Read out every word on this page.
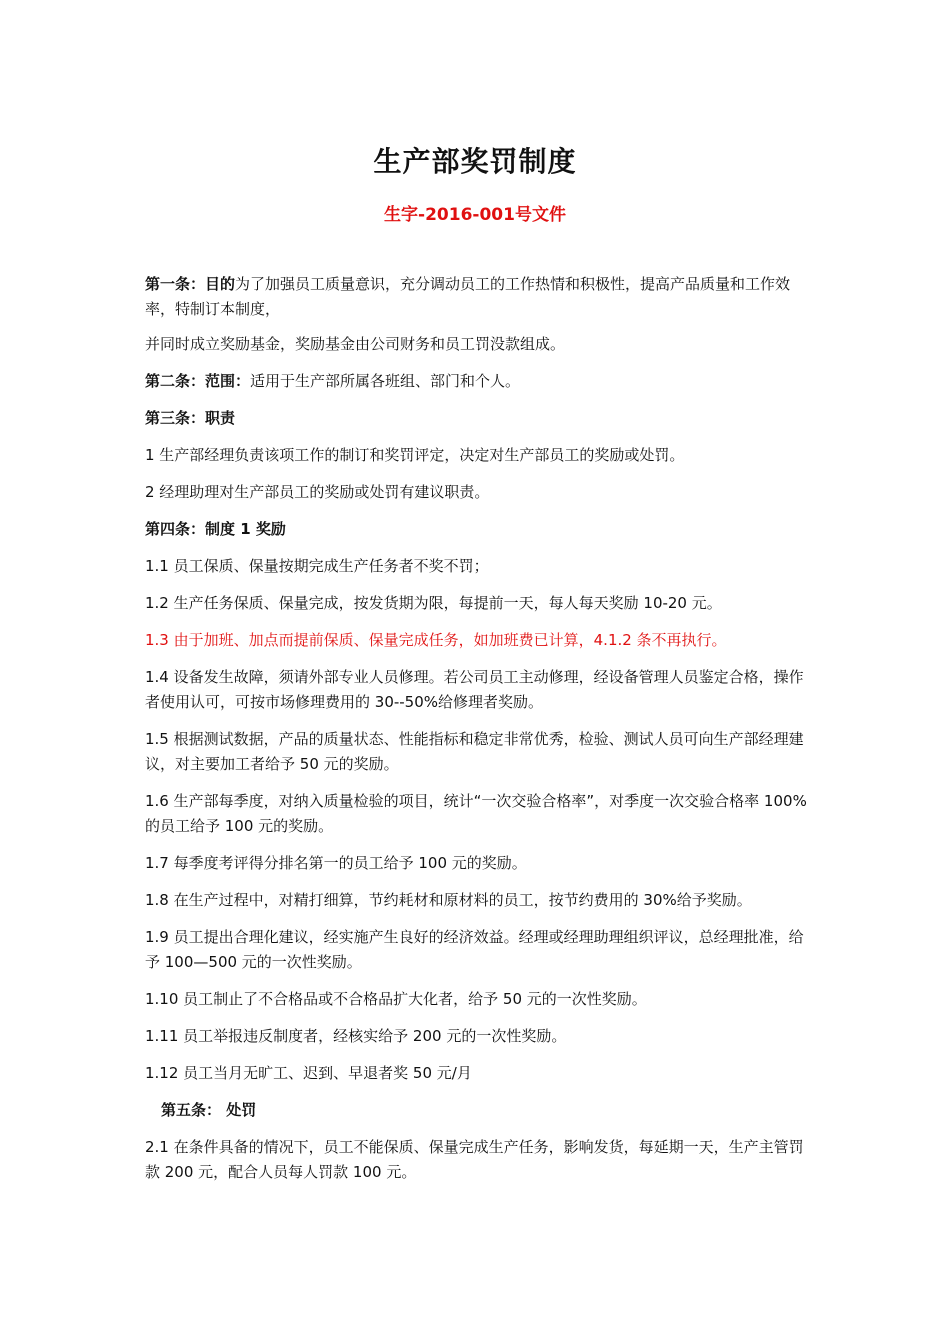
生产部奖罚制度
生字-2016-001号文件
第一条：目的为了加强员工质量意识，充分调动员工的工作热情和积极性，提高产品质量和工作效率，特制订本制度，
并同时成立奖励基金，奖励基金由公司财务和员工罚没款组成。
第二条：范围：适用于生产部所属各班组、部门和个人。
第三条：职责
1 生产部经理负责该项工作的制订和奖罚评定，决定对生产部员工的奖励或处罚。
2 经理助理对生产部员工的奖励或处罚有建议职责。
第四条：制度 1 奖励
1.1 员工保质、保量按期完成生产任务者不奖不罚；
1.2 生产任务保质、保量完成，按发货期为限，每提前一天，每人每天奖励 10-20 元。
1.3 由于加班、加点而提前保质、保量完成任务，如加班费已计算，4.1.2 条不再执行。
1.4 设备发生故障，须请外部专业人员修理。若公司员工主动修理，经设备管理人员鉴定合格，操作者使用认可，可按市场修理费用的 30--50%给修理者奖励。
1.5 根据测试数据，产品的质量状态、性能指标和稳定非常优秀，检验、测试人员可向生产部经理建议，对主要加工者给予 50 元的奖励。
1.6 生产部每季度，对纳入质量检验的项目，统计“一次交验合格率”，对季度一次交验合格率 100%的员工给予 100 元的奖励。
1.7 每季度考评得分排名第一的员工给予 100 元的奖励。
1.8 在生产过程中，对精打细算，节约耗材和原材料的员工，按节约费用的 30%给予奖励。
1.9 员工提出合理化建议，经实施产生良好的经济效益。经理或经理助理组织评议，总经理批准，给予 100—500 元的一次性奖励。
1.10 员工制止了不合格品或不合格品扩大化者，给予 50 元的一次性奖励。
1.11 员工举报违反制度者，经核实给予 200 元的一次性奖励。
1.12 员工当月无旷工、迟到、早退者奖 50 元/月
第五条： 处罚
2.1 在条件具备的情况下，员工不能保质、保量完成生产任务，影响发货，每延期一天，生产主管罚款 200 元，配合人员每人罚款 100 元。
